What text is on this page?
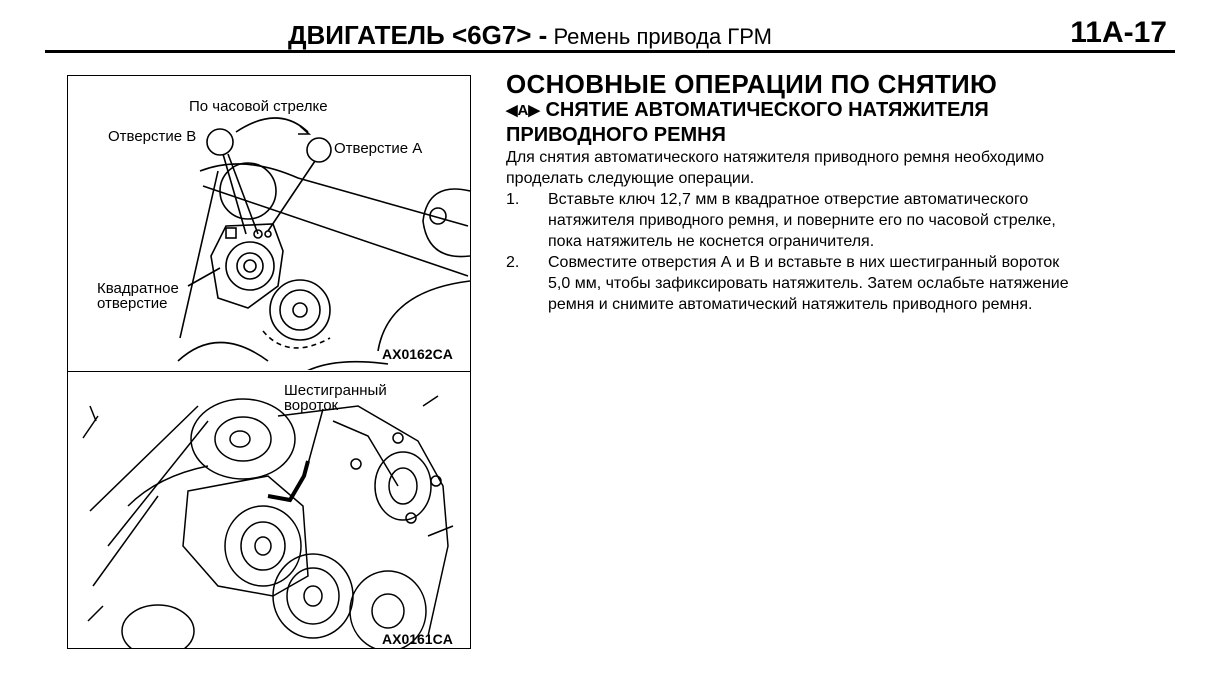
ДВИГАТЕЛЬ <6G7> - Ремень привода ГРМ	11A-17
По часовой стрелке
Отверстие В
Отверстие А
Квадратное
отверстие
AX0162CA
Шестигранный
вороток
AX0161CA
ОСНОВНЫЕ ОПЕРАЦИИ ПО СНЯТИЮ
◀A▶ СНЯТИЕ АВТОМАТИЧЕСКОГО НАТЯЖИТЕЛЯ
ПРИВОДНОГО РЕМНЯ
Для снятия автоматического натяжителя приводного ремня необходимо
проделать следующие операции.
1. Вставьте ключ 12,7 мм в квадратное отверстие автоматического
натяжителя приводного ремня, и поверните его по часовой стрелке,
пока натяжитель не коснется ограничителя.
2. Совместите отверстия А и В и вставьте в них шестигранный вороток
5,0 мм, чтобы зафиксировать натяжитель. Затем ослабьте натяжение
ремня и снимите автоматический натяжитель приводного ремня.
